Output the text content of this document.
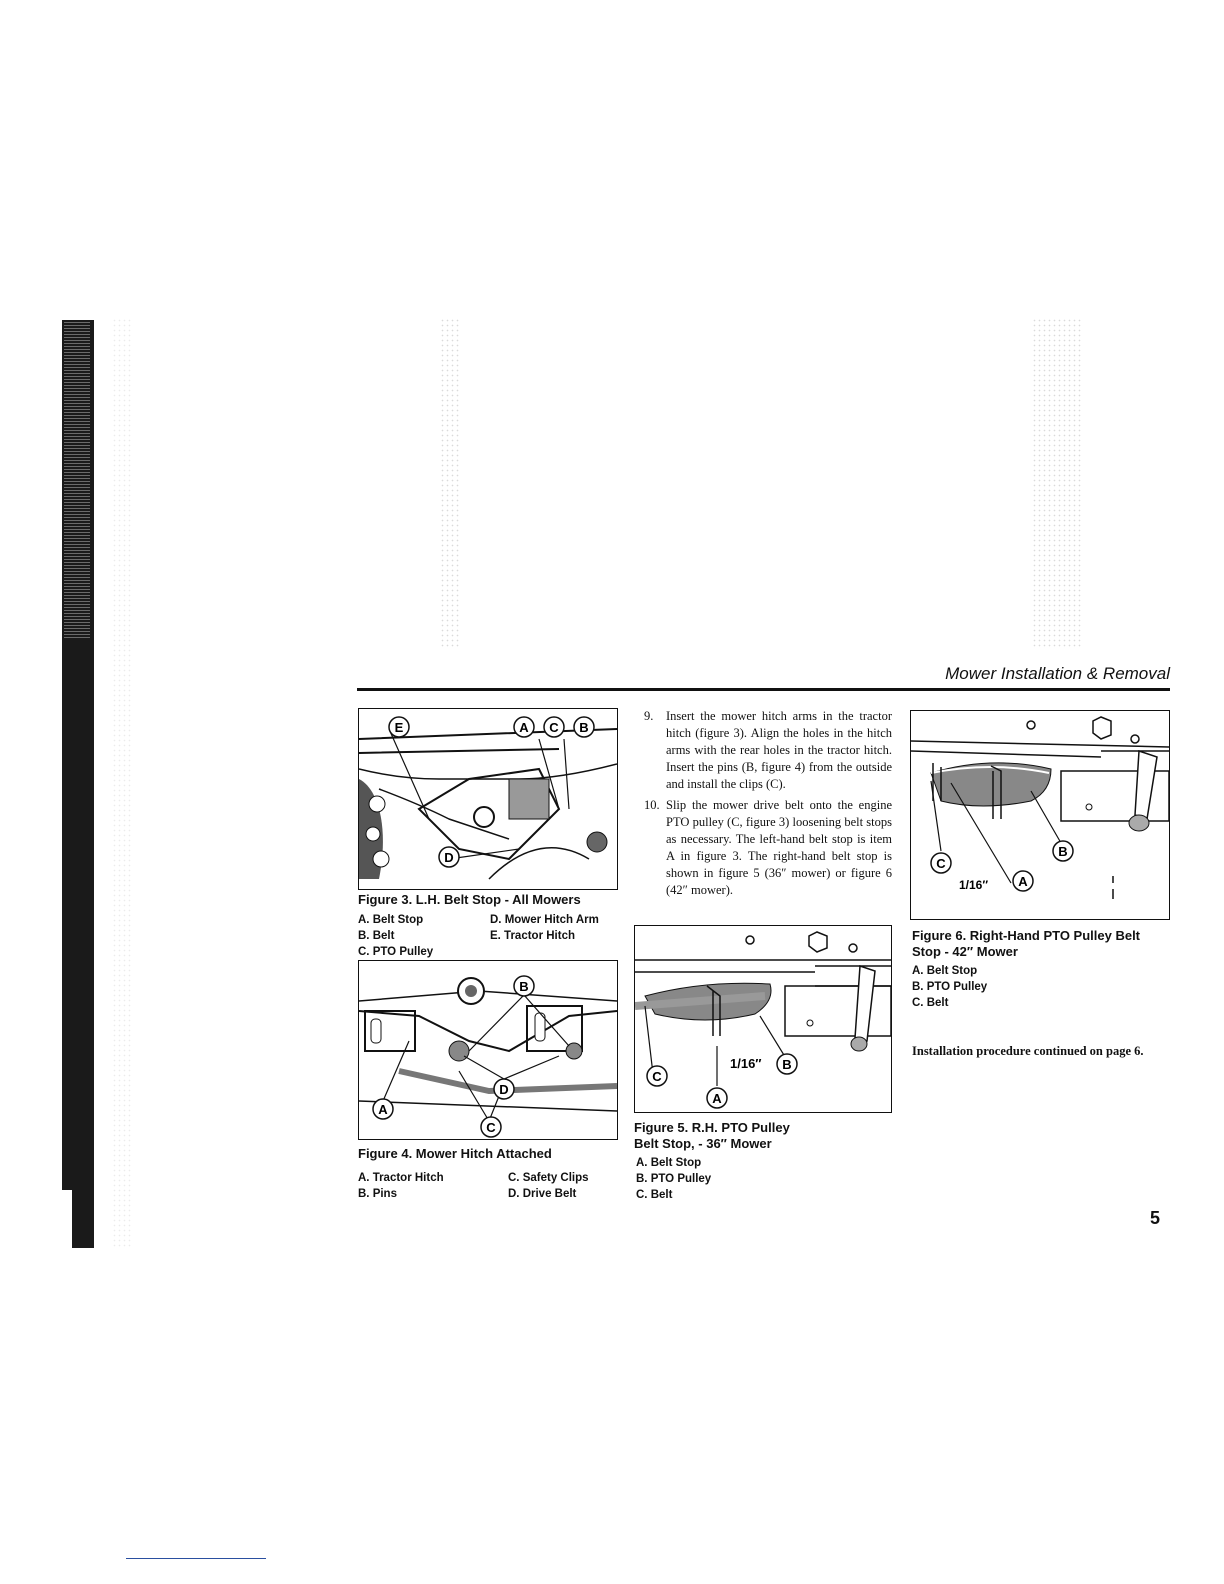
Mower Installation & Removal
E	A C B
D
Figure 3. L.H. Belt Stop - All Mowers
A. Belt Stop
B. Belt
C. PTO Pulley
D. Mower Hitch Arm
E. Tractor Hitch
B
D
A
C
Figure 4. Mower Hitch Attached
A. Tractor Hitch
B. Pins
C. Safety Clips
D. Drive Belt
9. Insert the mower hitch arms in the tractor hitch (figure 3). Align the holes in the hitch arms with the rear holes in the tractor hitch. Insert the pins (B, figure 4) from the outside and install the clips (C).
10. Slip the mower drive belt onto the engine PTO pulley (C, figure 3) loosening belt stops as necessary. The left-hand belt stop is item A in figure 3. The right-hand belt stop is shown in figure 5 (36″ mower) or figure 6 (42″ mower).
1/16″ B
C
A
Figure 5. R.H. PTO Pulley
Belt Stop, - 36″ Mower
A. Belt Stop
B. PTO Pulley
C. Belt
1/16″
B
C
A
Figure 6. Right-Hand PTO Pulley Belt
Stop - 42″ Mower
A. Belt Stop
B. PTO Pulley
C. Belt
Installation procedure continued on page 6.
5
